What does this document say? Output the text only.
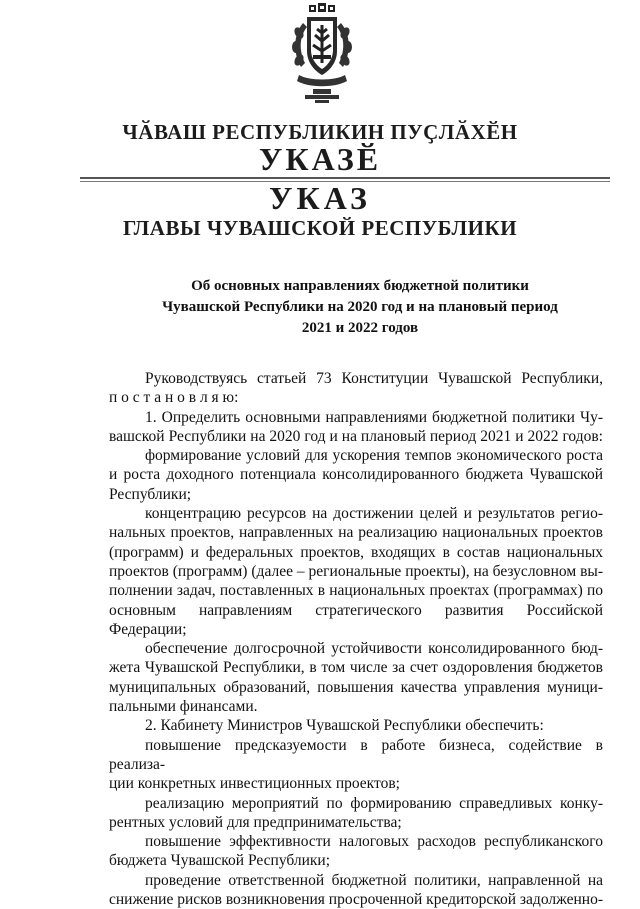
ЧӐВАШ РЕСПУБЛИКИН ПУҪЛӐХӖН
УКАЗӖ
УКАЗ
ГЛАВЫ ЧУВАШСКОЙ РЕСПУБЛИКИ
Об основных направлениях бюджетной политики
Чувашской Республики на 2020 год и на плановый период
2021 и 2022 годов

Руководствуясь статьей 73 Конституции Чувашской Республики,

п о с т а н о в л я ю:

1. Определить основными направлениями бюджетной политики Чу-

вашской Республики на 2020 год и на плановый период 2021 и 2022 годов:

формирование условий для ускорения темпов экономического роста

и роста доходного потенциала консолидированного бюджета Чувашской

Республики;

концентрацию ресурсов на достижении целей и результатов регио-

нальных проектов, направленных на реализацию национальных проектов

(программ) и федеральных проектов, входящих в состав национальных

проектов (программ) (далее – региональные проекты), на безусловном вы-

полнении задач, поставленных в национальных проектах (программах) по

основным направлениям стратегического развития Российской Федерации;

обеспечение долгосрочной устойчивости консолидированного бюд-

жета Чувашской Республики, в том числе за счет оздоровления бюджетов

муниципальных образований, повышения качества управления муници-

пальными финансами.

2. Кабинету Министров Чувашской Республики обеспечить:

повышение предсказуемости в работе бизнеса, содействие в реализа-

ции конкретных инвестиционных проектов;

реализацию мероприятий по формированию справедливых конку-

рентных условий для предпринимательства;

повышение эффективности налоговых расходов республиканского

бюджета Чувашской Республики;

проведение ответственной бюджетной политики, направленной на

снижение рисков возникновения просроченной кредиторской задолженно-
